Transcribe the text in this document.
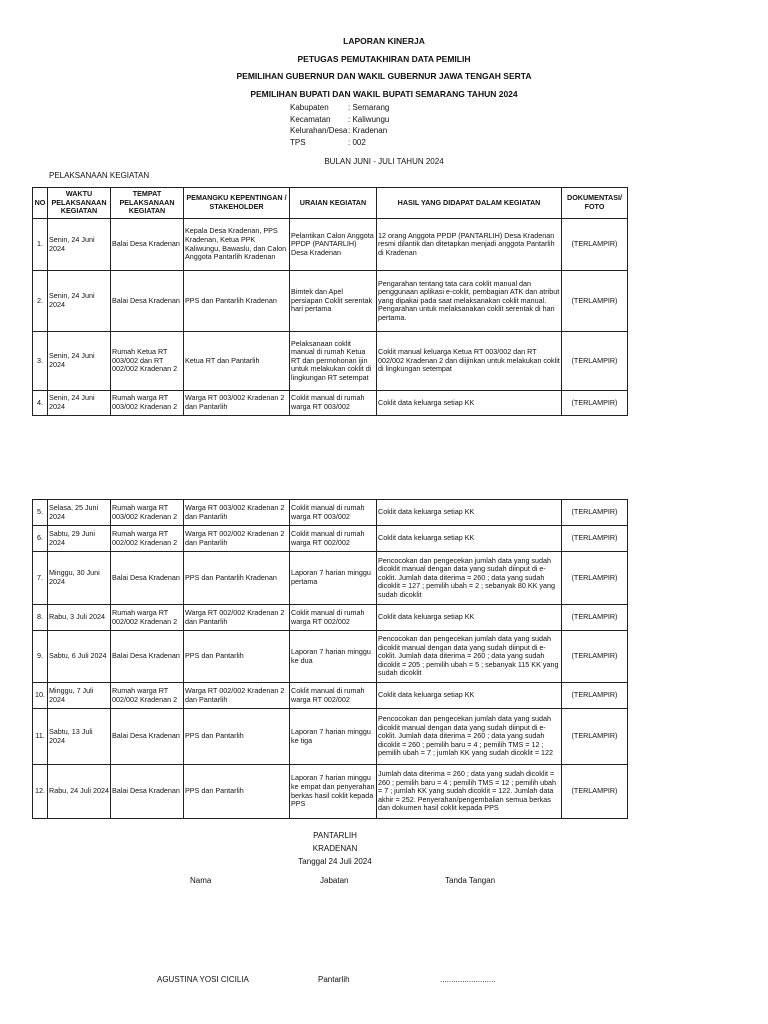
LAPORAN KINERJA
PETUGAS PEMUTAKHIRAN DATA PEMILIH
PEMILIHAN GUBERNUR DAN WAKIL GUBERNUR JAWA TENGAH SERTA
PEMILIHAN BUPATI DAN WAKIL BUPATI SEMARANG TAHUN 2024
Kabupaten	: Semarang
Kecamatan	: Kaliwungu
Kelurahan/Desa : Kradenan
TPS	: 002
BULAN JUNI - JULI TAHUN 2024
PELAKSANAAN KEGIATAN
NO	WAKTU PELAKSANAAN KEGIATAN	TEMPAT PELAKSANAAN KEGIATAN	PEMANGKU KEPENTINGAN / STAKEHOLDER	URAIAN KEGIATAN	HASIL YANG DIDAPAT DALAM KEGIATAN	DOKUMENTASI/ FOTO
1.	Senin, 24 Juni 2024	Balai Desa Kradenan	Kepala Desa Kradenan, PPS Kradenan, Ketua PPK Kaliwungu, Bawaslu, dan Calon Anggota Pantarlih Kradenan	Pelantikan Calon Anggota PPDP (PANTARLIH) Desa Kradenan	12 orang Anggota PPDP (PANTARLIH) Desa Kradenan resmi dilantik dan ditetapkan menjadi anggota Pantarlih di Kradenan	(TERLAMPIR)
2.	Senin, 24 Juni 2024	Balai Desa Kradenan	PPS dan Pantarlih Kradenan	Bimtek dan Apel persiapan Coklit serentak hari pertama	Pengarahan tentang tata cara coklit manual dan penggunaan aplikasi e-coklit, pembagian ATK dan atribut yang dipakai pada saat melaksanakan coklit manual. Pengarahan untuk melaksanakan coklit serentak di hari pertama.	(TERLAMPIR)
3.	Senin, 24 Juni 2024	Rumah Ketua RT 003/002 dan RT 002/002 Kradenan 2	Ketua RT dan Pantarlih	Pelaksanaan coklit manual di rumah Ketua RT dan permohonan ijin untuk melakukan coklit di lingkungan RT setempat	Coklit manual keluarga Ketua RT 003/002 dan RT 002/002 Kradenan 2 dan diijinkan untuk melakukan coklit di lingkungan setempat	(TERLAMPIR)
4.	Senin, 24 Juni 2024	Rumah warga RT 003/002 Kradenan 2	Warga RT 003/002 Kradenan 2 dan Pantarlih	Coklit manual di rumah warga RT 003/002	Coklit data keluarga setiap KK	(TERLAMPIR)
5.	Selasa, 25 Juni 2024	Rumah warga RT 003/002 Kradenan 2	Warga RT 003/002 Kradenan 2 dan Pantarlih	Coklit manual di rumah warga RT 003/002	Coklit data keluarga setiap KK	(TERLAMPIR)
6.	Sabtu, 29 Juni 2024	Rumah warga RT 002/002 Kradenan 2	Warga RT 002/002 Kradenan 2 dan Pantarlih	Coklit manual di rumah warga RT 002/002	Coklit data keluarga setiap KK	(TERLAMPIR)
7.	Minggu, 30 Juni 2024	Balai Desa Kradenan	PPS dan Pantarlih Kradenan	Laporan 7 harian minggu pertama	Pencocokan dan pengecekan jumlah data yang sudah dicoklit manual dengan data yang sudah diinput di e-coklit. Jumlah data diterima = 260 ; data yang sudah dicoklit = 127 ; pemilih ubah = 2 ; sebanyak 80 KK yang sudah dicoklit	(TERLAMPIR)
8.	Rabu, 3 Juli 2024	Rumah warga RT 002/002 Kradenan 2	Warga RT 002/002 Kradenan 2 dan Pantarlih	Coklit manual di rumah warga RT 002/002	Coklit data keluarga setiap KK	(TERLAMPIR)
9.	Sabtu, 6 Juli 2024	Balai Desa Kradenan	PPS dan Pantarlih	Laporan 7 harian minggu ke dua	Pencocokan dan pengecekan jumlah data yang sudah dicoklit manual dengan data yang sudah diinput di e-coklit. Jumlah data diterima = 260 ; data yang sudah dicoklit = 205 ; pemilih ubah = 5 ; sebanyak 115 KK yang sudah dicoklit	(TERLAMPIR)
10.	Minggu, 7 Juli 2024	Rumah warga RT 002/002 Kradenan 2	Warga RT 002/002 Kradenan 2 dan Pantarlih	Coklit manual di rumah warga RT 002/002	Coklit data keluarga setiap KK	(TERLAMPIR)
11.	Sabtu, 13 Juli 2024	Balai Desa Kradenan	PPS dan Pantarlih	Laporan 7 harian minggu ke tiga	Pencocokan dan pengecekan jumlah data yang sudah dicoklit manual dengan data yang sudah diinput di e-coklit. Jumlah data diterima = 260 ; data yang sudah dicoklit = 260 ; pemilih baru = 4 ; pemilih TMS = 12 ; pemilih ubah = 7 ; jumlah KK yang sudah dicoklit = 122	(TERLAMPIR)
12.	Rabu, 24 Juli 2024	Balai Desa Kradenan	PPS dan Pantarlih	Laporan 7 harian minggu ke empat dan penyerahan berkas hasil coklit kepada PPS	Jumlah data diterima = 260 ; data yang sudah dicoklit = 260 ; pemilih baru = 4 ; pemilih TMS = 12 ; pemilih ubah = 7 ; jumlah KK yang sudah dicoklit = 122. Jumlah data akhir = 252. Penyerahan/pengembalian semua berkas dan dokumen hasil coklit kepada PPS	(TERLAMPIR)
PANTARLIH
KRADENAN
Tanggal 24 Juli 2024
Nama	Jabatan	Tanda Tangan
AGUSTINA YOSI CICILIA	Pantarlih	.........................
